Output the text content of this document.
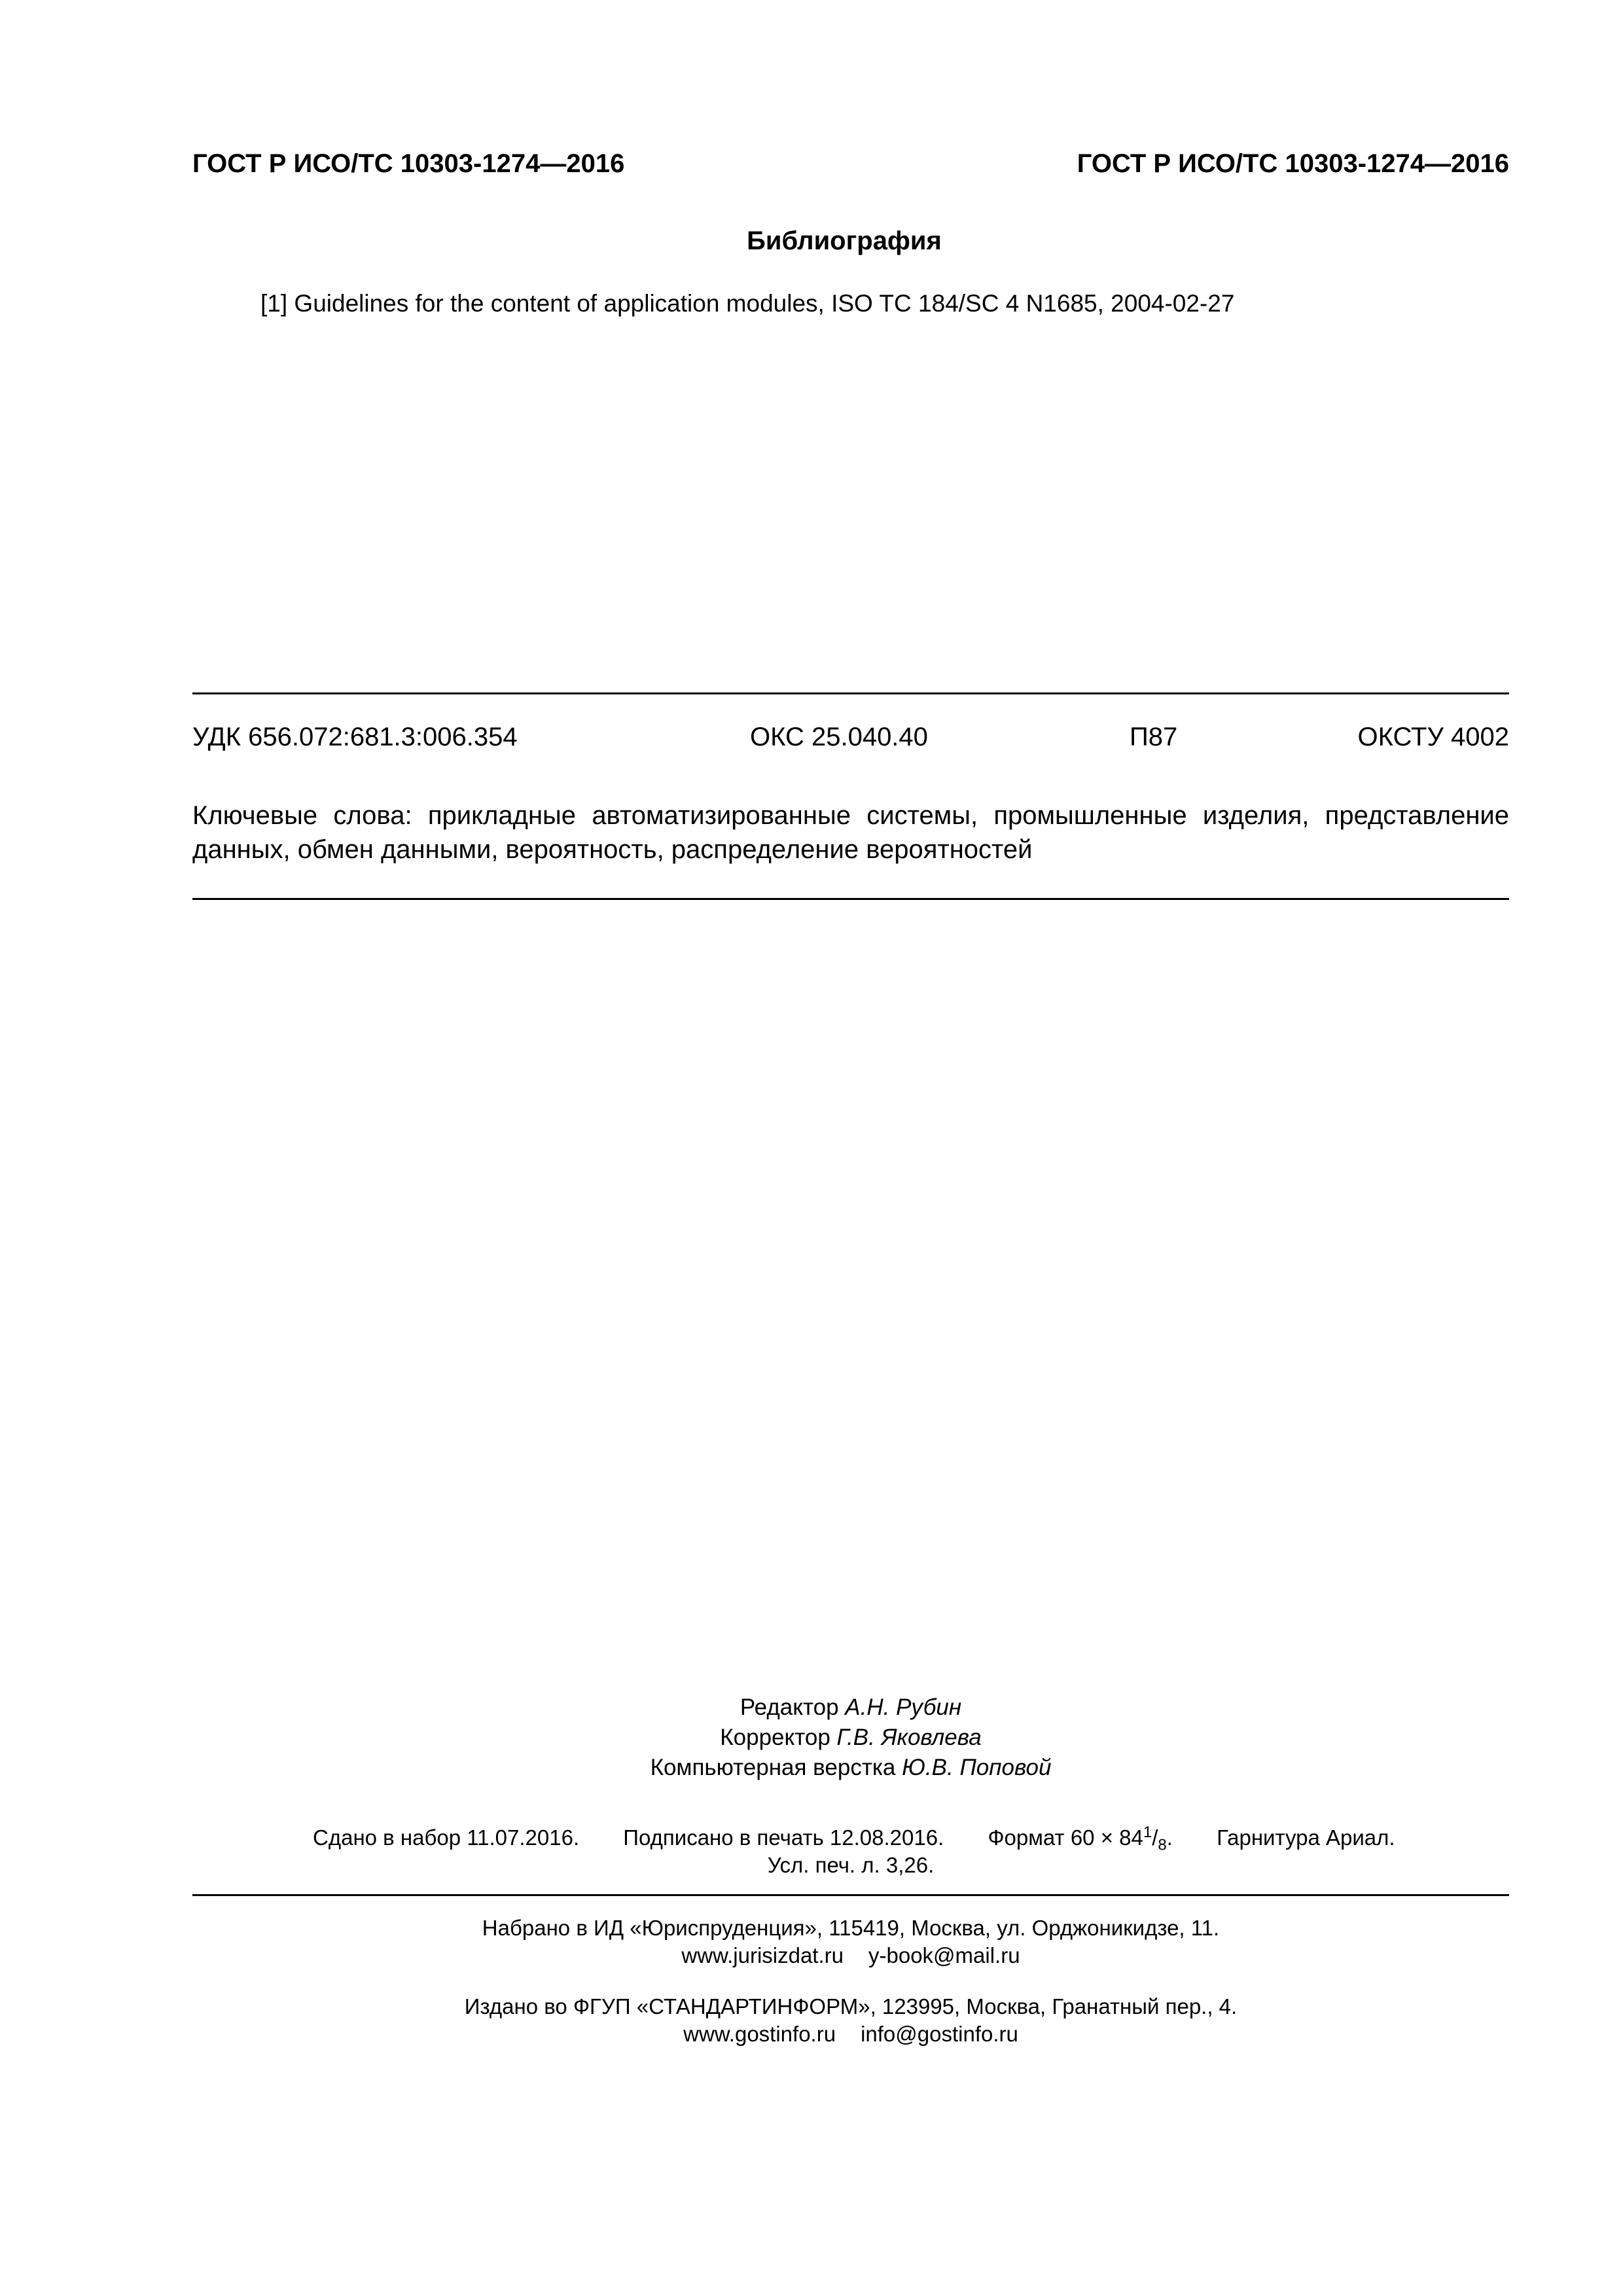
ГОСТ Р ИСО/ТС 10303-1274—2016	ГОСТ Р ИСО/ТС 10303-1274—2016
Библиография
[1] Guidelines for the content of application modules, ISO TC 184/SC 4 N1685, 2004-02-27
УДК 656.072:681.3:006.354	ОКС 25.040.40	П87	ОКСТУ 4002
Ключевые слова: прикладные автоматизированные системы, промышленные изделия, представление данных, обмен данными, вероятность, распределение вероятностей
Редактор А.Н. Рубин
Корректор Г.В. Яковлева
Компьютерная верстка Ю.В. Поповой
Сдано в набор 11.07.2016. Подписано в печать 12.08.2016. Формат $60 \times 84^1/_8$. Гарнитура Ариал.
Усл. печ. л. 3,26.
Набрано в ИД «Юриспруденция», 115419, Москва, ул. Орджоникидзе, 11.
www.jurisizdat.ru y-book@mail.ru
Издано во ФГУП «СТАНДАРТИНФОРМ», 123995, Москва, Гранатный пер., 4.
www.gostinfo.ru info@gostinfo.ru
